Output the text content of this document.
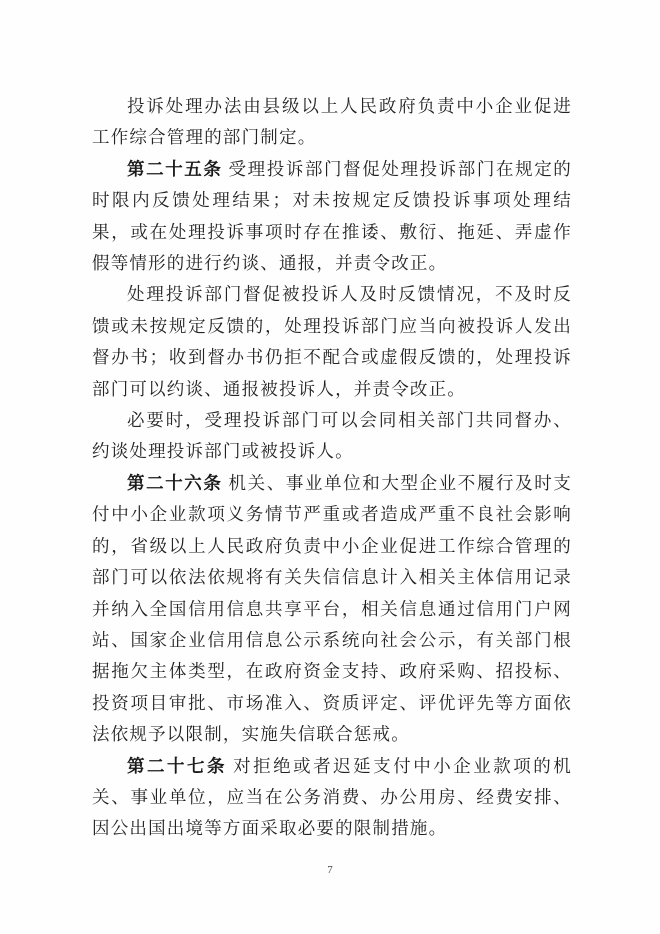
投诉处理办法由县级以上人民政府负责中小企业促进工作综合管理的部门制定。

第二十五条 受理投诉部门督促处理投诉部门在规定的时限内反馈处理结果；对未按规定反馈投诉事项处理结果，或在处理投诉事项时存在推诿、敷衍、拖延、弄虚作假等情形的进行约谈、通报，并责令改正。

处理投诉部门督促被投诉人及时反馈情况，不及时反馈或未按规定反馈的，处理投诉部门应当向被投诉人发出督办书；收到督办书仍拒不配合或虚假反馈的，处理投诉部门可以约谈、通报被投诉人，并责令改正。

必要时，受理投诉部门可以会同相关部门共同督办、约谈处理投诉部门或被投诉人。

第二十六条 机关、事业单位和大型企业不履行及时支付中小企业款项义务情节严重或者造成严重不良社会影响的，省级以上人民政府负责中小企业促进工作综合管理的部门可以依法依规将有关失信信息计入相关主体信用记录并纳入全国信用信息共享平台，相关信息通过信用门户网站、国家企业信用信息公示系统向社会公示，有关部门根据拖欠主体类型，在政府资金支持、政府采购、招投标、投资项目审批、市场准入、资质评定、评优评先等方面依法依规予以限制，实施失信联合惩戒。

第二十七条 对拒绝或者迟延支付中小企业款项的机关、事业单位，应当在公务消费、办公用房、经费安排、因公出国出境等方面采取必要的限制措施。

7
